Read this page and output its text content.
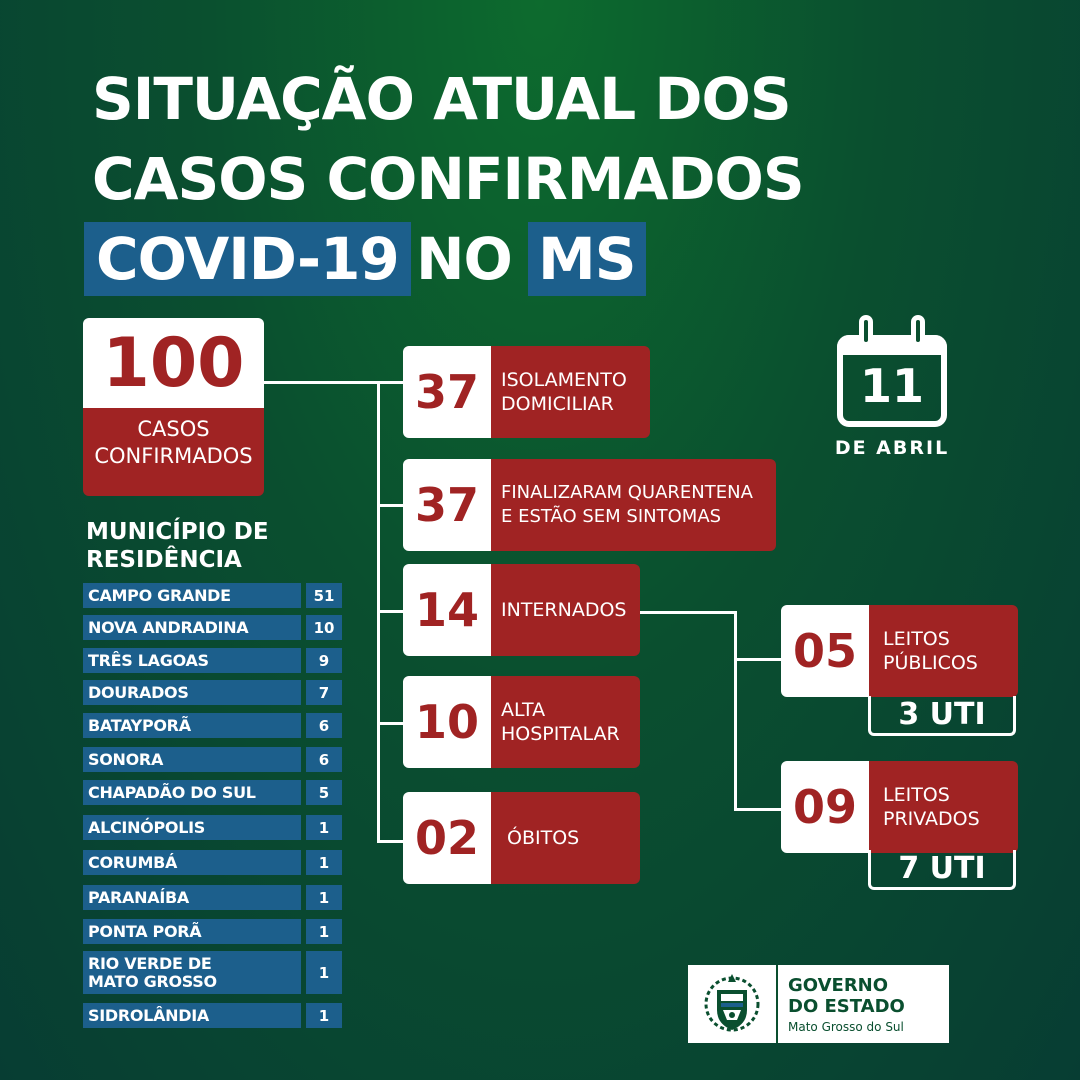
SITUAÇÃO ATUAL DOS
CASOS CONFIRMADOS
COVID-19 NO MS
100
CASOS
CONFIRMADOS
37	ISOLAMENTO
DOMICILIAR
37	FINALIZARAM QUARENTENA
E ESTÃO SEM SINTOMAS
14	INTERNADOS
10	ALTA
HOSPITALAR
02	ÓBITOS
05	LEITOS
PÚBLICOS
3 UTI
09	LEITOS
PRIVADOS
7 UTI
11
DE ABRIL
MUNICÍPIO DE
RESIDÊNCIA
CAMPO GRANDE	51
NOVA ANDRADINA	10
TRÊS LAGOAS	9
DOURADOS	7
BATAYPORÃ	6
SONORA	6
CHAPADÃO DO SUL	5
ALCINÓPOLIS	1
CORUMBÁ	1
PARANAÍBA	1
PONTA PORÃ	1
RIO VERDE DE
MATO GROSSO	1
SIDROLÂNDIA	1
GOVERNO
DO ESTADO
Mato Grosso do Sul
